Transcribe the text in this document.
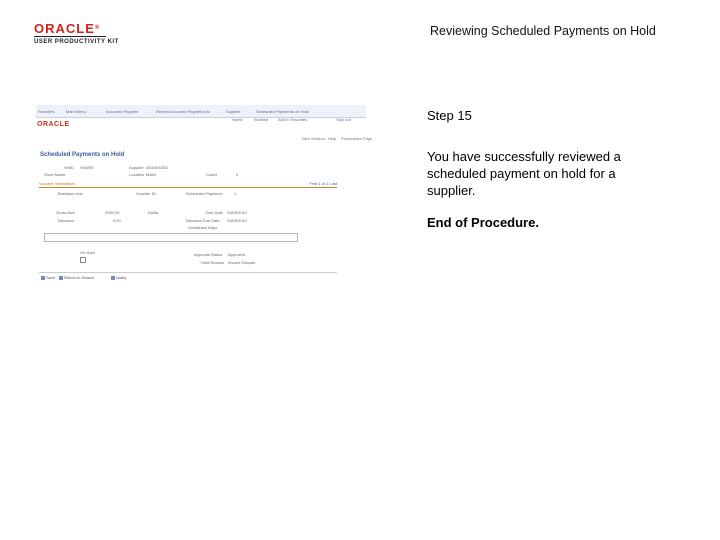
ORACLE®
USER PRODUCTIVITY KIT
Reviewing Scheduled Payments on Hold
Favorites	Main Menu	Accounts Payable	Review Accounts Payable Info	Supplier	Scheduled Payments on Hold
ORACLE
Home	Worklist Add to Favorites	Sign out
New Window Help Personalize Page
Scheduled Payments on Hold
SetID SHARE	Supplier 0000000001
Short Name	Location MAIN	Count	2
Voucher Information	First 1 of 2 Last
Business Unit	Voucher ID	Scheduled Payment	1
Gross Amt	2000.00	Dollar	Due Date 03/09/2012
Discount	0.00	Discount Due Date 03/09/2012
Scheduled Days
On Hold	Approval Status Approved
Hold Reason Invoice Dispute
Save	Return to Search	Notify
Step 15
You have successfully reviewed a scheduled payment on hold for a supplier.
End of Procedure.
